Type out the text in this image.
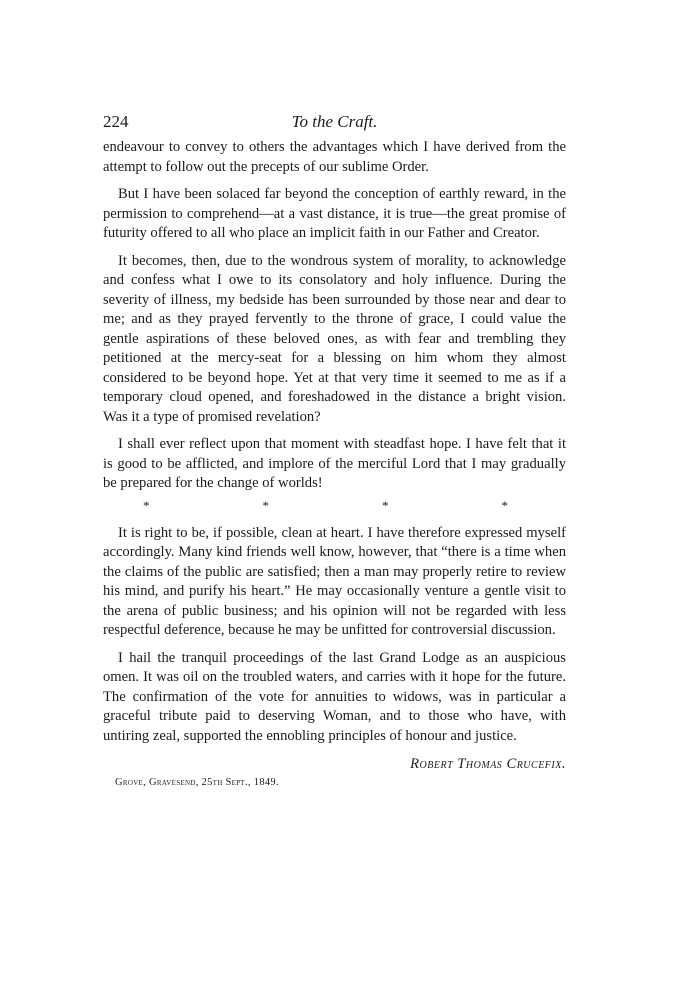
224	To the Craft.

endeavour to convey to others the advantages which I have derived from the attempt to follow out the precepts of our sublime Order.

But I have been solaced far beyond the conception of earthly reward, in the permission to comprehend—at a vast distance, it is true—the great promise of futurity offered to all who place an implicit faith in our Father and Creator.

It becomes, then, due to the wondrous system of morality, to acknowledge and confess what I owe to its consolatory and holy influence. During the severity of illness, my bedside has been surrounded by those near and dear to me; and as they prayed fervently to the throne of grace, I could value the gentle aspirations of these beloved ones, as with fear and trembling they petitioned at the mercy-seat for a blessing on him whom they almost considered to be beyond hope. Yet at that very time it seemed to me as if a temporary cloud opened, and foreshadowed in the distance a bright vision. Was it a type of promised revelation?

I shall ever reflect upon that moment with steadfast hope. I have felt that it is good to be afflicted, and implore of the merciful Lord that I may gradually be prepared for the change of worlds!

*	*	*	*

It is right to be, if possible, clean at heart. I have therefore expressed myself accordingly. Many kind friends well know, however, that “there is a time when the claims of the public are satisfied; then a man may properly retire to review his mind, and purify his heart.” He may occasionally venture a gentle visit to the arena of public business; and his opinion will not be regarded with less respectful deference, because he may be unfitted for controversial discussion.

I hail the tranquil proceedings of the last Grand Lodge as an auspicious omen. It was oil on the troubled waters, and carries with it hope for the future. The confirmation of the vote for annuities to widows, was in particular a graceful tribute paid to deserving Woman, and to those who have, with untiring zeal, supported the ennobling principles of honour and justice.

Robert Thomas Crucefix.
Grove, Gravesend, 25th Sept., 1849.
